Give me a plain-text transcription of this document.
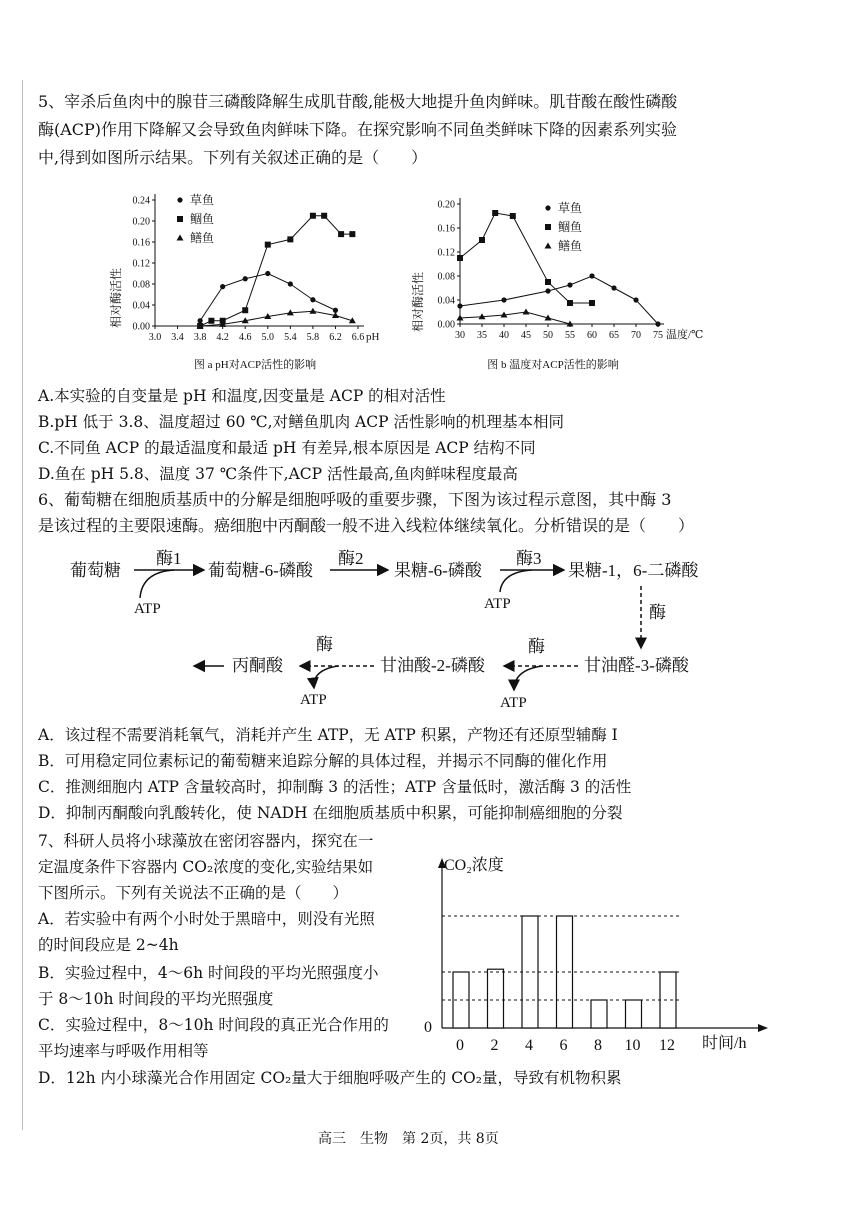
5、宰杀后鱼肉中的腺苷三磷酸降解生成肌苷酸,能极大地提升鱼肉鲜味。肌苷酸在酸性磷酸
酶(ACP)作用下降解又会导致鱼肉鲜味下降。在探究影响不同鱼类鲜味下降的因素系列实验
中,得到如图所示结果。下列有关叙述正确的是（　　）
相对酶活性
图 a pH对ACP活性的影响
3.0 3.4 3.8 4.2 4.6 5.0 5.4 5.8 6.2 6.6
0.00
0.04
0.08
0.12
0.16
0.20
0.24
pH
草鱼
鲴鱼
鳝鱼
相对酶活性
图 b 温度对ACP活性的影响
30 35 40 45 50 55 60 65 70 75
0.00
0.04
0.08
0.12
0.16
0.20
温度/℃
草鱼
鲴鱼
鳝鱼
A.本实验的自变量是 pH 和温度,因变量是 ACP 的相对活性
B.pH 低于 3.8、温度超过 60 ℃,对鳝鱼肌肉 ACP 活性影响的机理基本相同
C.不同鱼 ACP 的最适温度和最适 pH 有差异,根本原因是 ACP 结构不同
D.鱼在 pH 5.8、温度 37 ℃条件下,ACP 活性最高,鱼肉鲜味程度最高
6、葡萄糖在细胞质基质中的分解是细胞呼吸的重要步骤，下图为该过程示意图，其中酶 3
是该过程的主要限速酶。癌细胞中丙酮酸一般不进入线粒体继续氧化。分析错误的是（　　）
葡萄糖	葡萄糖-6-磷酸	果糖-6-磷酸	果糖-1，6-二磷酸
甘油醛-3-磷酸
甘油酸-2-磷酸
丙酮酸
酶1	酶2	酶3
酶
酶
酶
ATP	ATP
ATP
ATP
A．该过程不需要消耗氧气，消耗并产生 ATP，无 ATP 积累，产物还有还原型辅酶 I
B．可用稳定同位素标记的葡萄糖来追踪分解的具体过程，并揭示不同酶的催化作用
C．推测细胞内 ATP 含量较高时，抑制酶 3 的活性；ATP 含量低时，激活酶 3 的活性
D．抑制丙酮酸向乳酸转化，使 NADH 在细胞质基质中积累，可能抑制癌细胞的分裂
7、科研人员将小球藻放在密闭容器内，探究在一
定温度条件下容器内 CO₂浓度的变化,实验结果如
下图所示。下列有关说法不正确的是（　　）
A．若实验中有两个小时处于黑暗中，则没有光照
的时间段应是 2~4h
B．实验过程中，4～6h 时间段的平均光照强度小
于 8～10h 时间段的平均光照强度
C．实验过程中，8～10h 时间段的真正光合作用的
平均速率与呼吸作用相等
D．12h 内小球藻光合作用固定 CO₂量大于细胞呼吸产生的 CO₂量，导致有机物积累
CO₂浓度
时间/h
0
0 2 4 6 8 10 12
高三　生物　第 2页，共 8页
